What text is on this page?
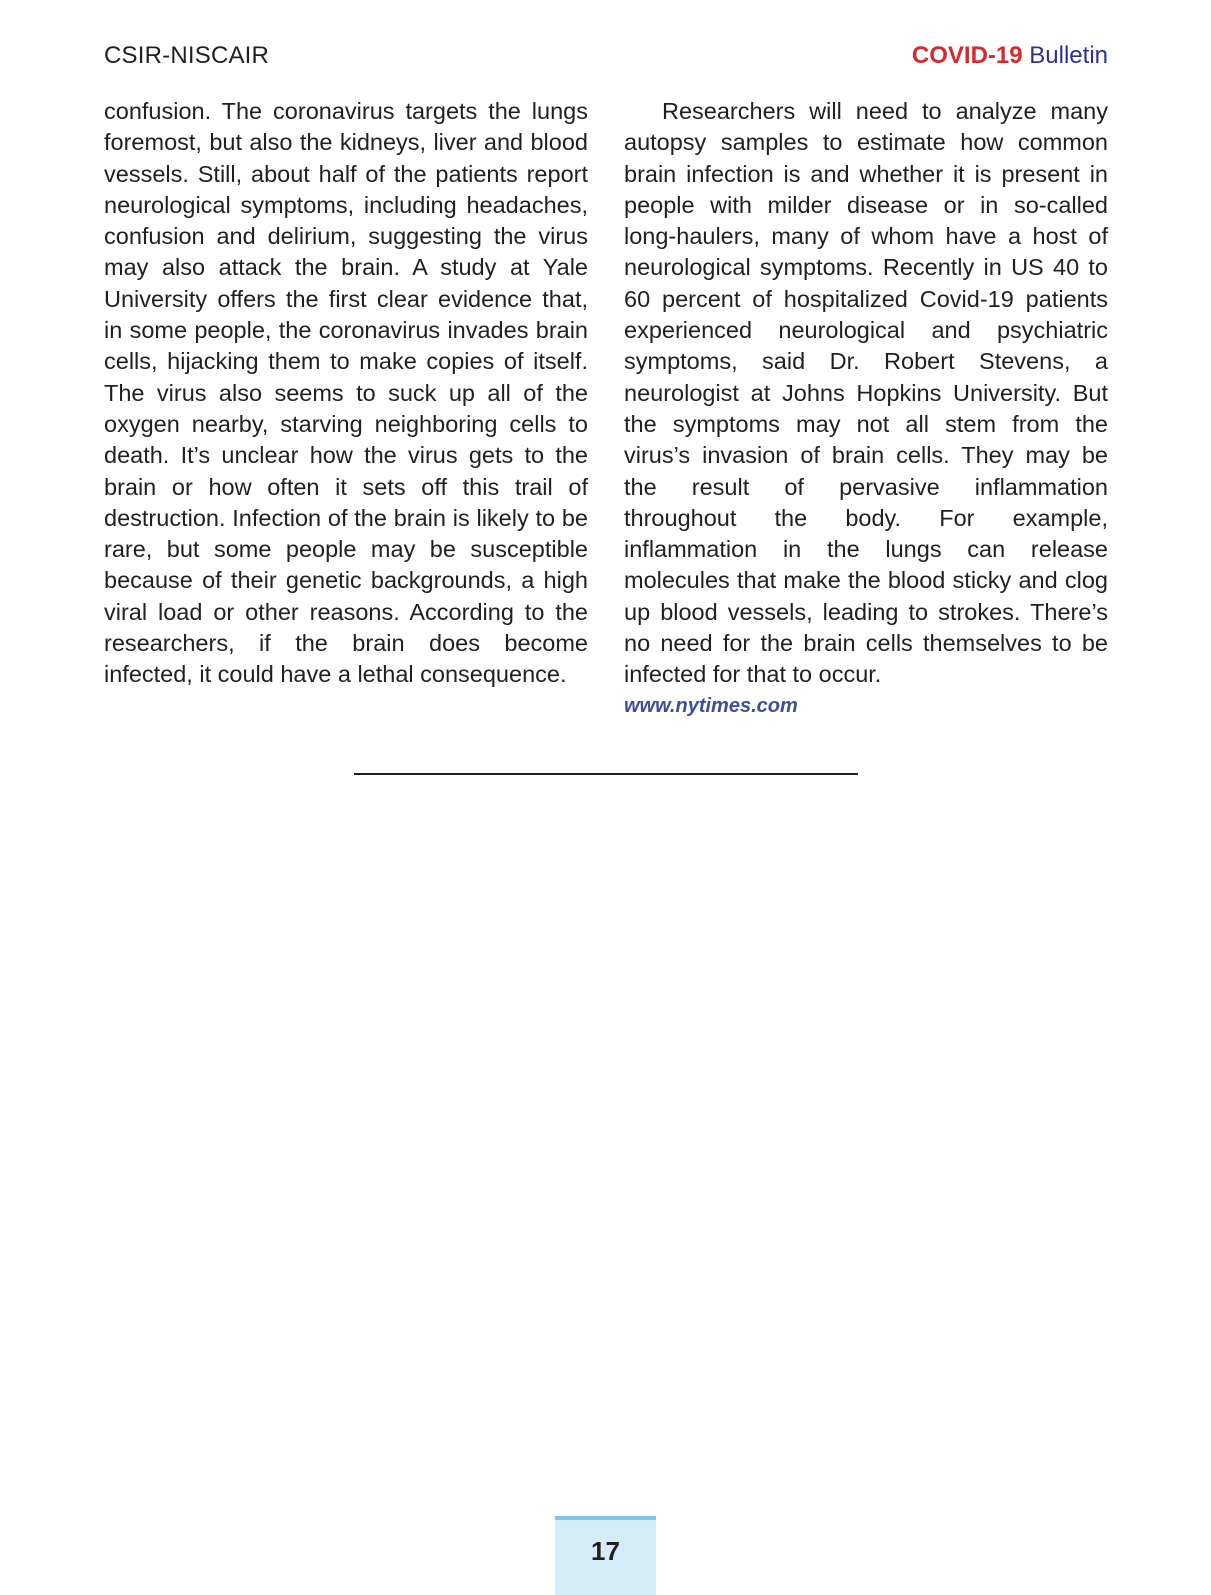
CSIR-NISCAIR	COVID-19 Bulletin

confusion. The coronavirus targets the lungs foremost, but also the kidneys, liver and blood vessels. Still, about half of the patients report neurological symptoms, including headaches, confusion and delirium, suggesting the virus may also attack the brain. A study at Yale University offers the first clear evidence that, in some people, the coronavirus invades brain cells, hijacking them to make copies of itself. The virus also seems to suck up all of the oxygen nearby, starving neighboring cells to death. It’s unclear how the virus gets to the brain or how often it sets off this trail of destruction. Infection of the brain is likely to be rare, but some people may be susceptible because of their genetic backgrounds, a high viral load or other reasons. According to the researchers, if the brain does become infected, it could have a lethal consequence.

Researchers will need to analyze many autopsy samples to estimate how common brain infection is and whether it is present in people with milder disease or in so-called long-haulers, many of whom have a host of neurological symptoms. Recently in US 40 to 60 percent of hospitalized Covid-19 patients experienced neurological and psychiatric symptoms, said Dr. Robert Stevens, a neurologist at Johns Hopkins University. But the symptoms may not all stem from the virus’s invasion of brain cells. They may be the result of pervasive inflammation throughout the body. For example, inflammation in the lungs can release molecules that make the blood sticky and clog up blood vessels, leading to strokes. There’s no need for the brain cells themselves to be infected for that to occur.

www.nytimes.com

17
